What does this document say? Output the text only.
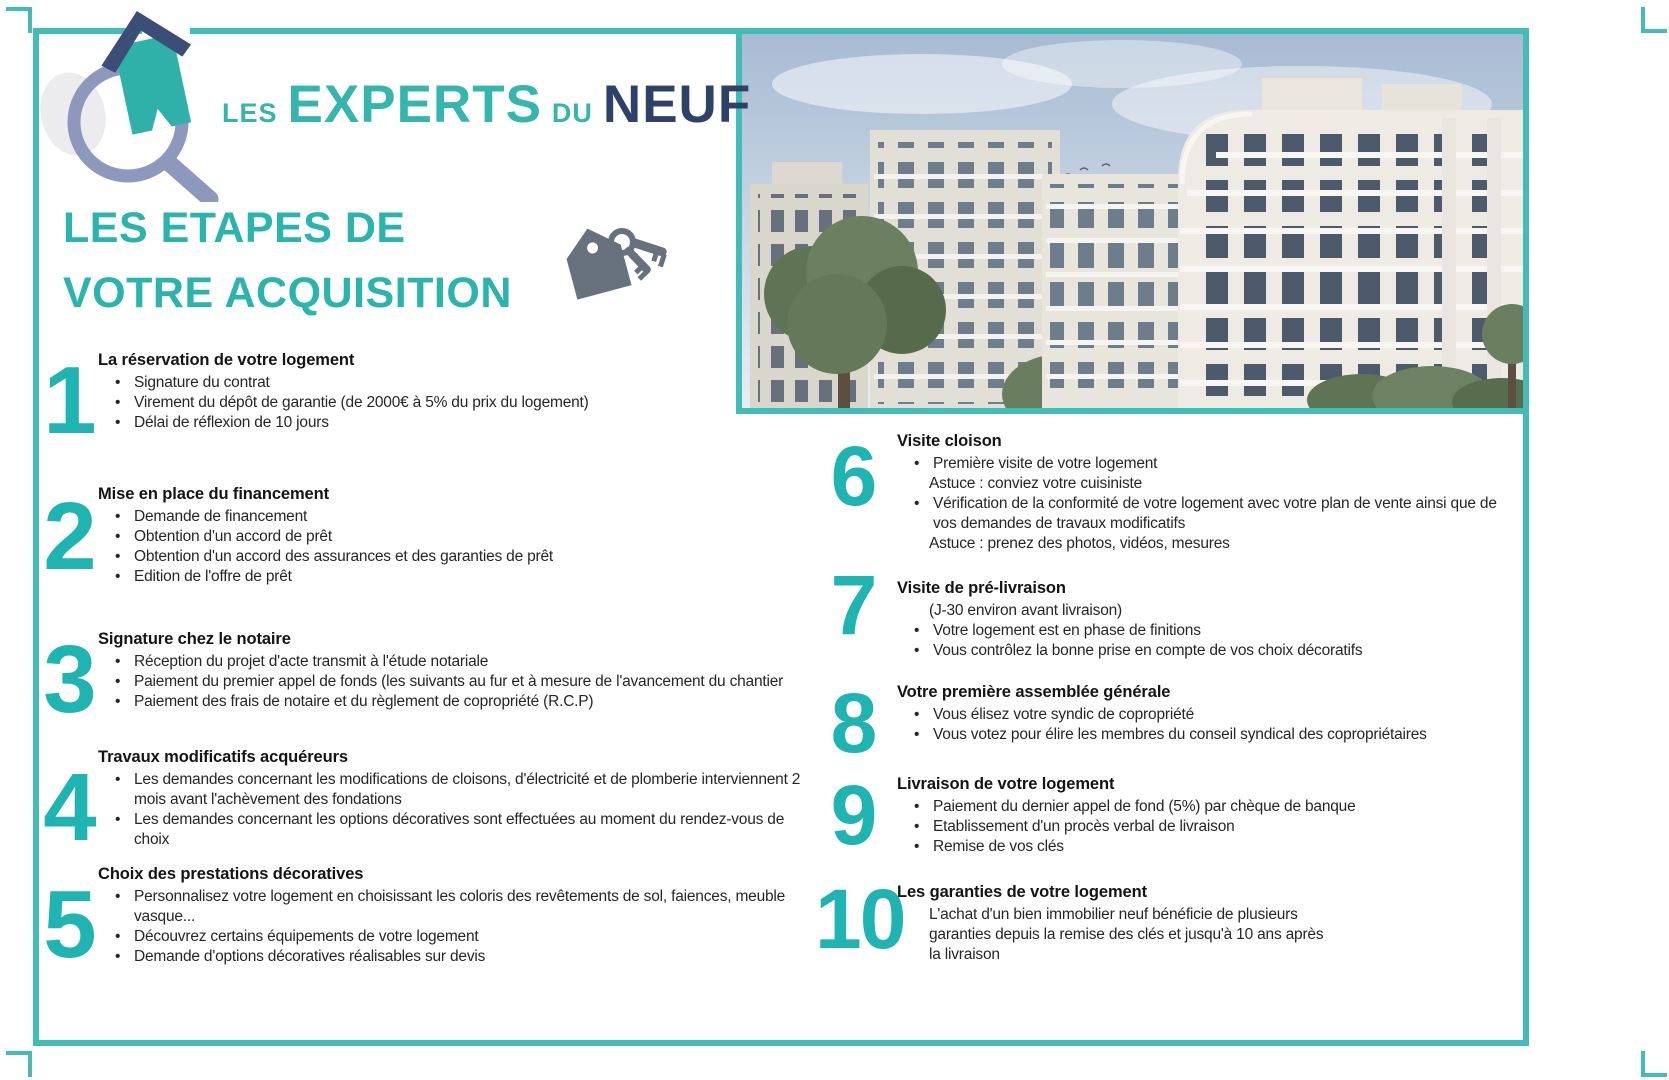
LES EXPERTS DU NEUF
LES ETAPES DE
VOTRE ACQUISITION
1 La réservation de votre logement
• Signature du contrat
• Virement du dépôt de garantie (de 2000€ à 5% du prix du logement)
• Délai de réflexion de 10 jours
2 Mise en place du financement
• Demande de financement
• Obtention d'un accord de prêt
• Obtention d'un accord des assurances et des garanties de prêt
• Edition de l'offre de prêt
3 Signature chez le notaire
• Réception du projet d'acte transmit à l'étude notariale
• Paiement du premier appel de fonds (les suivants au fur et à mesure de l'avancement du chantier
• Paiement des frais de notaire et du règlement de copropriété (R.C.P)
4 Travaux modificatifs acquéreurs
• Les demandes concernant les modifications de cloisons, d'électricité et de plomberie interviennent 2 mois avant l'achèvement des fondations
• Les demandes concernant les options décoratives sont effectuées au moment du rendez-vous de choix
5 Choix des prestations décoratives
• Personnalisez votre logement en choisissant les coloris des revêtements de sol, faiences, meuble vasque...
• Découvrez certains équipements de votre logement
• Demande d'options décoratives réalisables sur devis
6	Visite cloison
• Première visite de votre logement
Astuce : conviez votre cuisiniste
• Vérification de la conformité de votre logement avec votre plan de vente ainsi que de vos demandes de travaux modificatifs
Astuce : prenez des photos, vidéos, mesures
7	Visite de pré-livraison
(J-30 environ avant livraison)
• Votre logement est en phase de finitions
• Vous contrôlez la bonne prise en compte de vos choix décoratifs
8	Votre première assemblée générale
• Vous élisez votre syndic de copropriété
• Vous votez pour élire les membres du conseil syndical des copropriétaires
9	Livraison de votre logement
• Paiement du dernier appel de fond (5%) par chèque de banque
• Etablissement d'un procès verbal de livraison
• Remise de vos clés
10
Les garanties de votre logement
L'achat d'un bien immobilier neuf bénéficie de plusieurs garanties depuis la remise des clés et jusqu'à 10 ans après la livraison
